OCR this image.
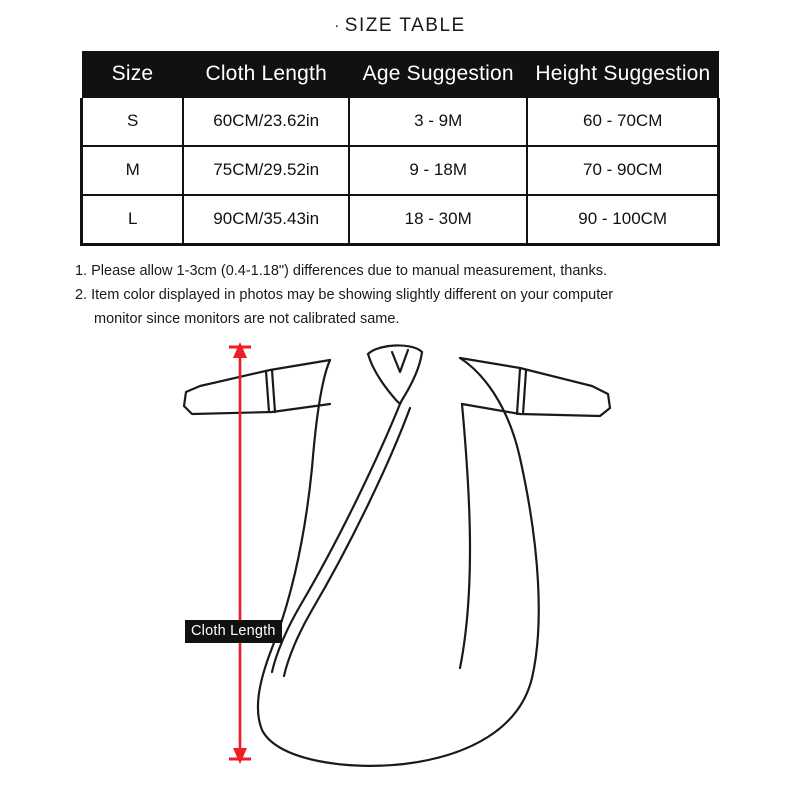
· SIZE TABLE
Size	Cloth Length	Age Suggestion	Height Suggestion
S	60CM/23.62in	3 - 9M	60 - 70CM
M	75CM/29.52in	9 - 18M	70 - 90CM
L	90CM/35.43in	18 - 30M	90 - 100CM
1. Please allow 1-3cm (0.4-1.18") differences due to manual measurement, thanks.
2. Item color displayed in photos may be showing slightly different on your computer
monitor since monitors are not calibrated same.
Cloth Length
